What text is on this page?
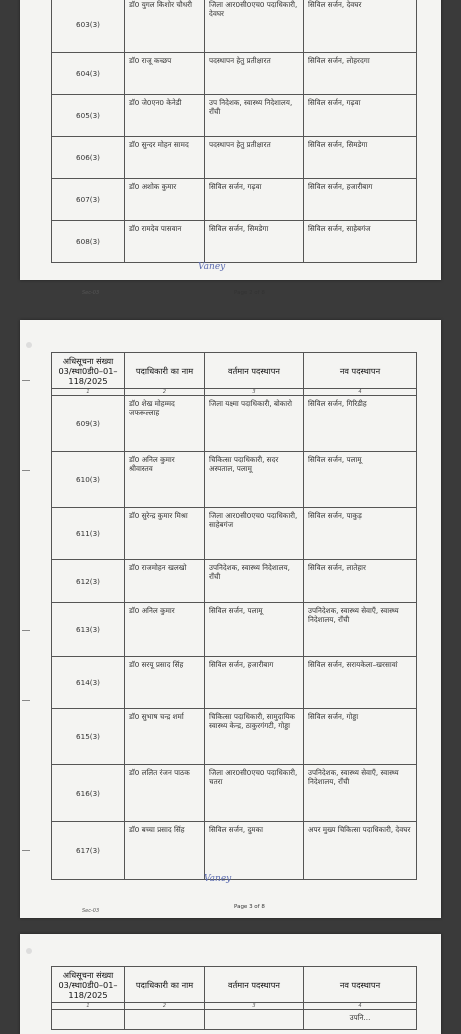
603(3)	डॉ0 युगल किशोर चौधरी	जिला आर0सी0एच0 पदाधिकारी, देवघर	सिविल सर्जन, देवघर
604(3)	डॉ0 राजू कच्छप	पदस्थापन हेतु प्रतीक्षारत	सिविल सर्जन, लोहरदगा
605(3)	डॉ0 जे0एन0 केनेडी	उप निदेशक, स्वास्थ्य निदेशालय, राँची	सिविल सर्जन, गढ़वा
606(3)	डॉ0 सुन्दर मोहन सामद	पदस्थापन हेतु प्रतीक्षारत	सिविल सर्जन, सिमडेगा
607(3)	डॉ0 अशोक कुमार	सिविल सर्जन, गढ़वा	सिविल सर्जन, हजारीबाग
608(3)	डॉ0 रामदेव पासवान	सिविल सर्जन, सिमडेगा	सिविल सर्जन, साहेबगंज
Vaney
Page 2 of 8
Sec-03
अधिसूचना संख्या 03/स्था0डी0–01–118/2025	पदाधिकारी का नाम	वर्तमान पदस्थापन	नव पदस्थापन
1	2	3	4
609(3)	डॉ0 शेख मोहम्मद जफरूल्लाह	जिला यक्ष्मा पदाधिकारी, बोकारो	सिविल सर्जन, गिरिडीह
610(3)	डॉ0 अनिल कुमार श्रीवास्तव	चिकित्सा पदाधिकारी, सदर अस्पताल, पलामू	सिविल सर्जन, पलामू
611(3)	डॉ0 सुरेन्द्र कुमार मिश्रा	जिला आर0सी0एच0 पदाधिकारी, साहेबगंज	सिविल सर्जन, पाकुड़
612(3)	डॉ0 राजमोहन खलखो	उपनिदेशक, स्वास्थ्य निदेशालय, राँची	सिविल सर्जन, लातेहार
613(3)	डॉ0 अनिल कुमार	सिविल सर्जन, पलामू	उपनिदेशक, स्वास्थ्य सेवाएँ, स्वास्थ्य निदेशालय, राँची
614(3)	डॉ0 सरयू प्रसाद सिंह	सिविल सर्जन, हजारीबाग	सिविल सर्जन, सरायकेला–खरसावां
615(3)	डॉ0 सुभाष चन्द्र शर्मा	चिकित्सा पदाधिकारी, सामुदायिक स्वास्थ्य केन्द्र, ठाकुरगंगटी, गोड्डा	सिविल सर्जन, गोड्डा
616(3)	डॉ0 ललित रंजन पाठक	जिला आर0सी0एच0 पदाधिकारी, चतरा	उपनिदेशक, स्वास्थ्य सेवाएँ, स्वास्थ्य निदेशालय, राँची
617(3)	डॉ0 बच्चा प्रसाद सिंह	सिविल सर्जन, दुमका	अपर मुख्य चिकित्सा पदाधिकारी, देवघर
Vaney
Page 3 of 8
Sec-03
अधिसूचना संख्या 03/स्था0डी0–01–118/2025	पदाधिकारी का नाम	वर्तमान पदस्थापन	नव पदस्थापन
1	2	3	4
			उपनि...
